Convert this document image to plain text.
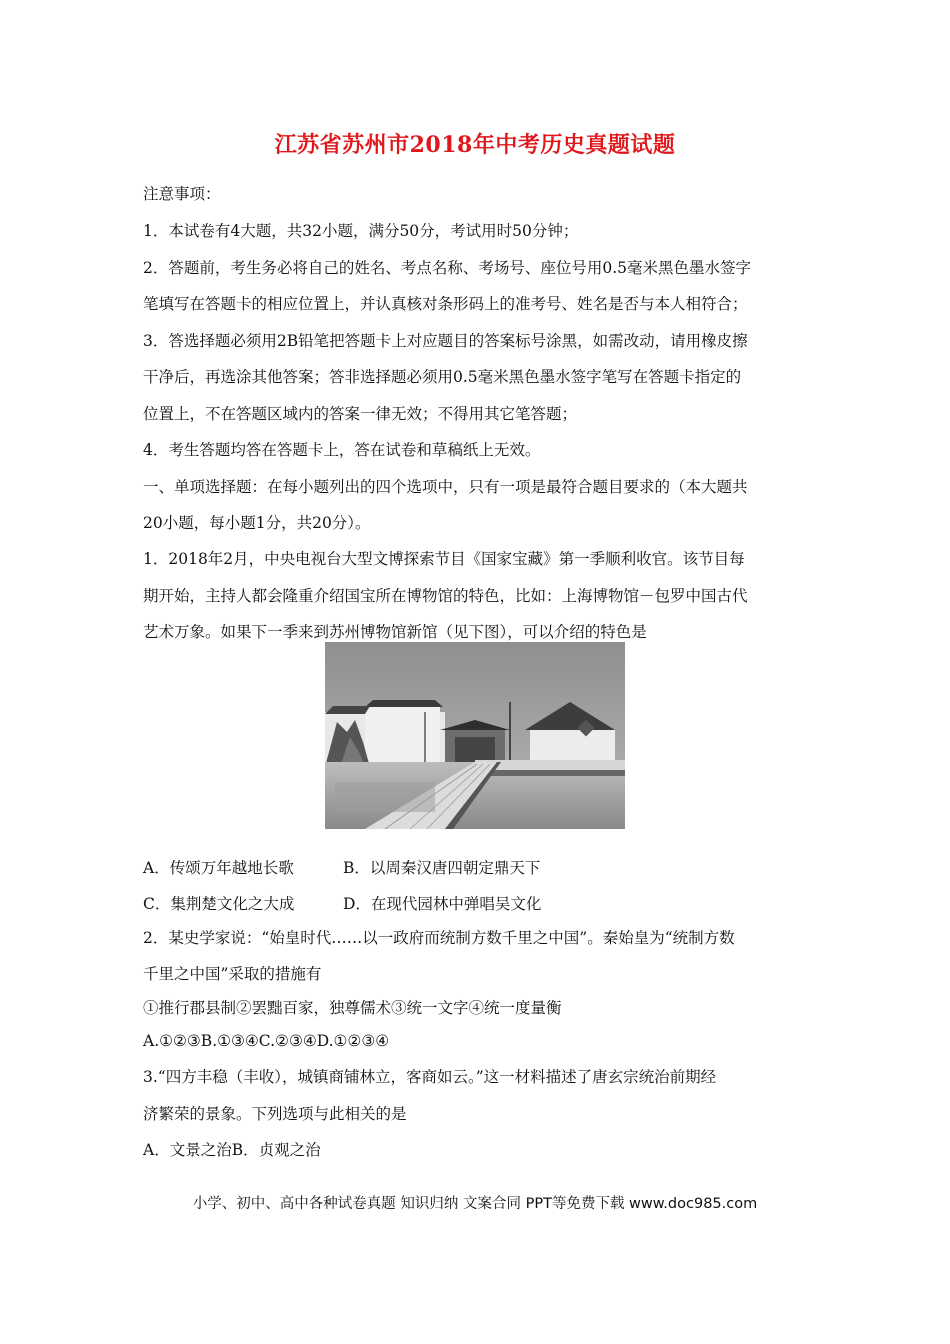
江苏省苏州市2018年中考历史真题试题
注意事项：
1．本试卷有4大题，共32小题，满分50分，考试用时50分钟；
2．答题前，考生务必将自己的姓名、考点名称、考场号、座位号用0.5毫米黑色墨水签字
笔填写在答题卡的相应位置上，并认真核对条形码上的准考号、姓名是否与本人相符合；
3．答选择题必须用2B铅笔把答题卡上对应题目的答案标号涂黑，如需改动，请用橡皮擦
干净后，再选涂其他答案；答非选择题必须用0.5毫米黑色墨水签字笔写在答题卡指定的
位置上，不在答题区域内的答案一律无效；不得用其它笔答题；
4．考生答题均答在答题卡上，答在试卷和草稿纸上无效。
一、单项选择题：在每小题列出的四个选项中，只有一项是最符合题目要求的（本大题共
20小题，每小题1分，共20分）。
1．2018年2月，中央电视台大型文博探索节目《国家宝藏》第一季顺利收官。该节目每
期开始，主持人都会隆重介绍国宝所在博物馆的特色，比如：上海博物馆－包罗中国古代
艺术万象。如果下一季来到苏州博物馆新馆（见下图），可以介绍的特色是
A．传颂万年越地长歌	B．以周秦汉唐四朝定鼎天下
C．集荆楚文化之大成	D．在现代园林中弹唱吴文化
2．某史学家说：“始皇时代……以一政府而统制方数千里之中国”。秦始皇为“统制方数
千里之中国”采取的措施有
①推行郡县制②罢黜百家，独尊儒术③统一文字④统一度量衡
A.①②③B.①③④C.②③④D.①②③④
3.“四方丰稳（丰收），城镇商铺林立，客商如云。”这一材料描述了唐玄宗统治前期经
济繁荣的景象。下列选项与此相关的是
A．文景之治B．贞观之治
小学、初中、高中各种试卷真题 知识归纳 文案合同 PPT等免费下载 www.doc985.com
